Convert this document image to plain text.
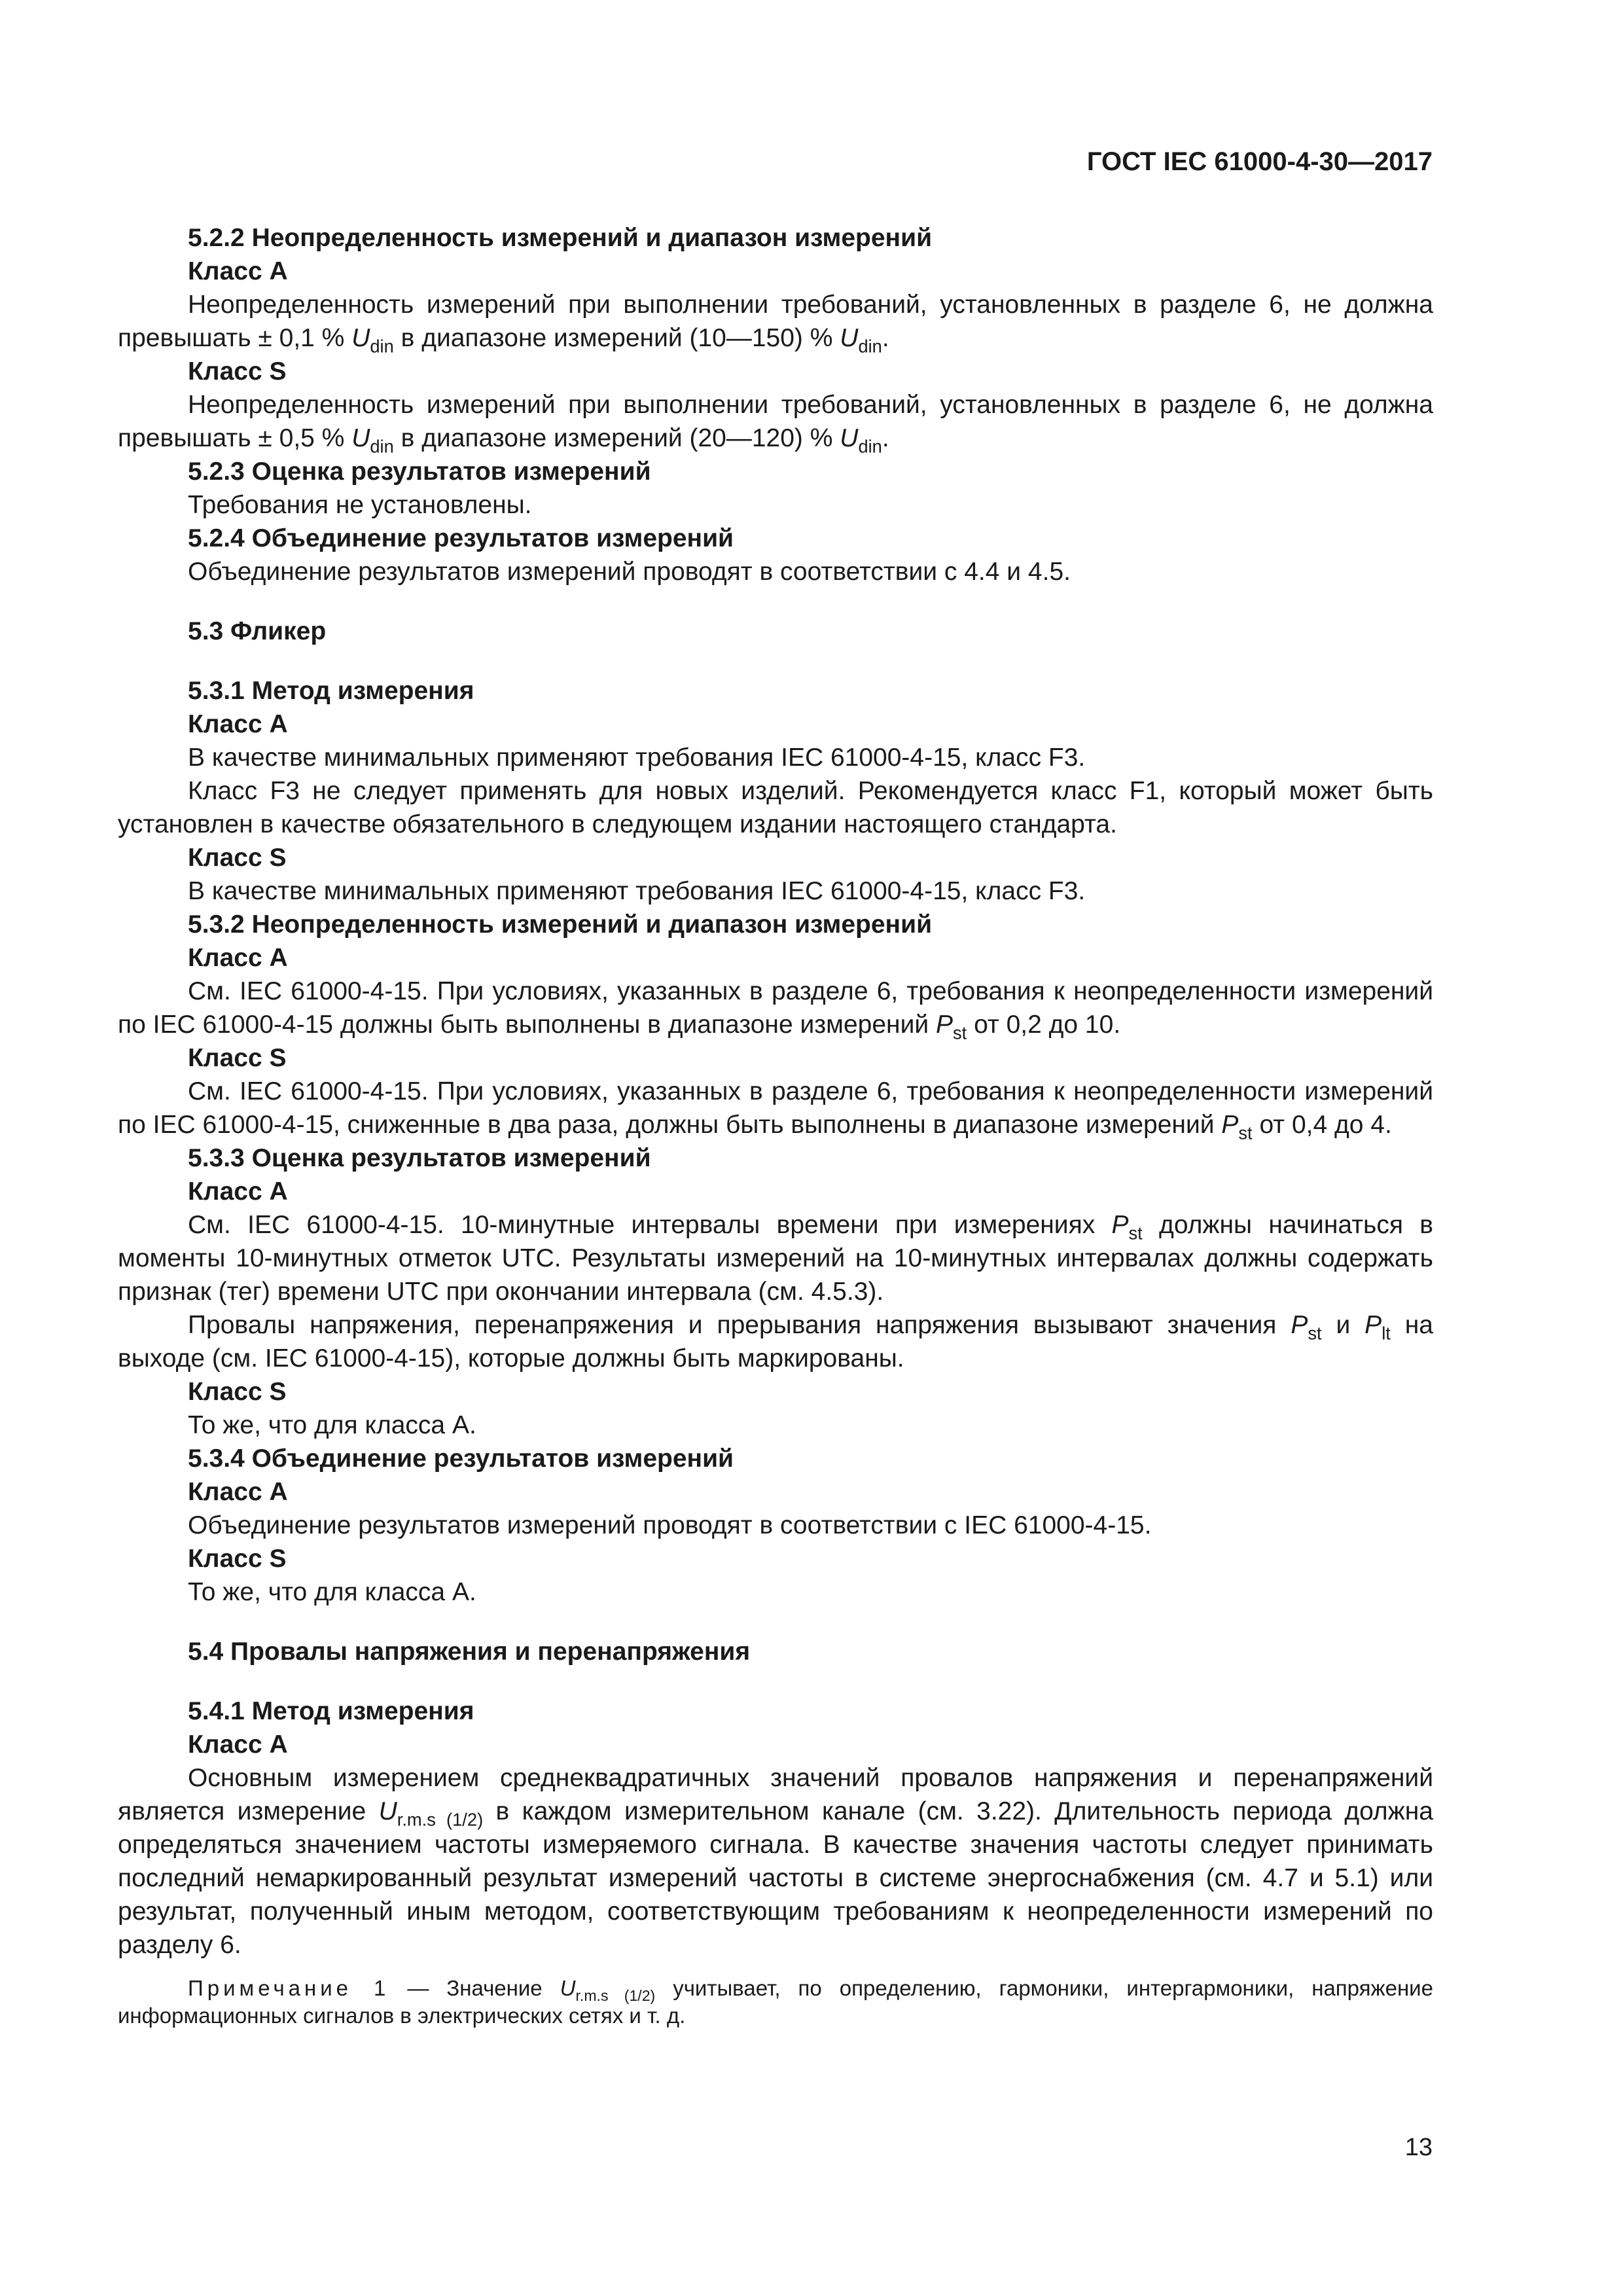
ГОСТ IEC 61000-4-30—2017

5.2.2 Неопределенность измерений и диапазон измерений

Класс A

Неопределенность измерений при выполнении требований, установленных в разделе 6, не должна превышать ± 0,1 % $U_{din}$ в диапазоне измерений (10—150) % $U_{din}$.

Класс S

Неопределенность измерений при выполнении требований, установленных в разделе 6, не должна превышать ± 0,5 % $U_{din}$ в диапазоне измерений (20—120) % $U_{din}$.

5.2.3 Оценка результатов измерений

Требования не установлены.

5.2.4 Объединение результатов измерений

Объединение результатов измерений проводят в соответствии с 4.4 и 4.5.

5.3 Фликер

5.3.1 Метод измерения

Класс A

В качестве минимальных применяют требования IEC 61000-4-15, класс F3.

Класс F3 не следует применять для новых изделий. Рекомендуется класс F1, который может быть установлен в качестве обязательного в следующем издании настоящего стандарта.

Класс S

В качестве минимальных применяют требования IEC 61000-4-15, класс F3.

5.3.2 Неопределенность измерений и диапазон измерений

Класс A

См. IEC 61000-4-15. При условиях, указанных в разделе 6, требования к неопределенности измерений по IEC 61000-4-15 должны быть выполнены в диапазоне измерений $P_{st}$ от 0,2 до 10.

Класс S

См. IEC 61000-4-15. При условиях, указанных в разделе 6, требования к неопределенности измерений по IEC 61000-4-15, сниженные в два раза, должны быть выполнены в диапазоне измерений $P_{st}$ от 0,4 до 4.

5.3.3 Оценка результатов измерений

Класс A

См. IEC 61000-4-15. 10-минутные интервалы времени при измерениях $P_{st}$ должны начинаться в моменты 10-минутных отметок UTC. Результаты измерений на 10-минутных интервалах должны содержать признак (тег) времени UTC при окончании интервала (см. 4.5.3).

Провалы напряжения, перенапряжения и прерывания напряжения вызывают значения $P_{st}$ и $P_{lt}$ на выходе (см. IEC 61000-4-15), которые должны быть маркированы.

Класс S

То же, что для класса A.

5.3.4 Объединение результатов измерений

Класс A

Объединение результатов измерений проводят в соответствии с IEC 61000-4-15.

Класс S

То же, что для класса A.

5.4 Провалы напряжения и перенапряжения

5.4.1 Метод измерения

Класс A

Основным измерением среднеквадратичных значений провалов напряжения и перенапряжений является измерение $U_{r.m.s (1/2)}$ в каждом измерительном канале (см. 3.22). Длительность периода должна определяться значением частоты измеряемого сигнала. В качестве значения частоты следует принимать последний немаркированный результат измерений частоты в системе энергоснабжения (см. 4.7 и 5.1) или результат, полученный иным методом, соответствующим требованиям к неопределенности измерений по разделу 6.

Примечание 1 — Значение $U_{r.m.s (1/2)}$ учитывает, по определению, гармоники, интергармоники, напряжение информационных сигналов в электрических сетях и т. д.

13
